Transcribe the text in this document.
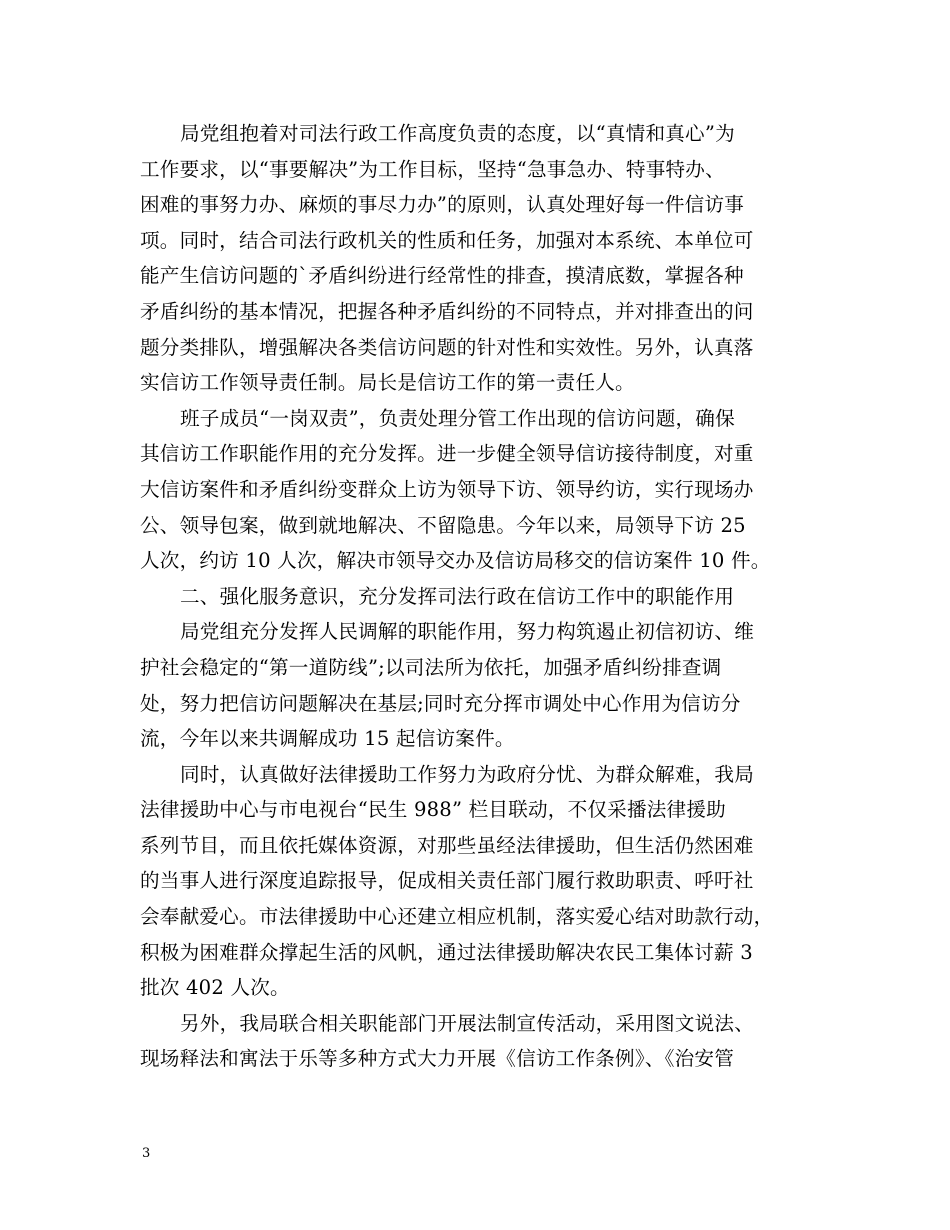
局党组抱着对司法行政工作高度负责的态度，以“真情和真心”为
工作要求，以“事要解决”为工作目标，坚持“急事急办、特事特办、
困难的事努力办、麻烦的事尽力办”的原则，认真处理好每一件信访事
项。同时，结合司法行政机关的性质和任务，加强对本系统、本单位可
能产生信访问题的`矛盾纠纷进行经常性的排查，摸清底数，掌握各种
矛盾纠纷的基本情况，把握各种矛盾纠纷的不同特点，并对排查出的问
题分类排队，增强解决各类信访问题的针对性和实效性。另外，认真落
实信访工作领导责任制。局长是信访工作的第一责任人。
班子成员“一岗双责”，负责处理分管工作出现的信访问题，确保
其信访工作职能作用的充分发挥。进一步健全领导信访接待制度，对重
大信访案件和矛盾纠纷变群众上访为领导下访、领导约访，实行现场办
公、领导包案，做到就地解决、不留隐患。今年以来，局领导下访 25
人次，约访 10 人次，解决市领导交办及信访局移交的信访案件 10 件。
二、强化服务意识，充分发挥司法行政在信访工作中的职能作用
局党组充分发挥人民调解的职能作用，努力构筑遏止初信初访、维
护社会稳定的“第一道防线”;以司法所为依托，加强矛盾纠纷排查调
处，努力把信访问题解决在基层;同时充分挥市调处中心作用为信访分
流，今年以来共调解成功 15 起信访案件。
同时，认真做好法律援助工作努力为政府分忧、为群众解难，我局
法律援助中心与市电视台“民生 988” 栏目联动，不仅采播法律援助
系列节目，而且依托媒体资源，对那些虽经法律援助，但生活仍然困难
的当事人进行深度追踪报导，促成相关责任部门履行救助职责、呼吁社
会奉献爱心。市法律援助中心还建立相应机制，落实爱心结对助款行动，
积极为困难群众撑起生活的风帆，通过法律援助解决农民工集体讨薪 3
批次 402 人次。
另外，我局联合相关职能部门开展法制宣传活动，采用图文说法、
现场释法和寓法于乐等多种方式大力开展《信访工作条例》、《治安管
3
